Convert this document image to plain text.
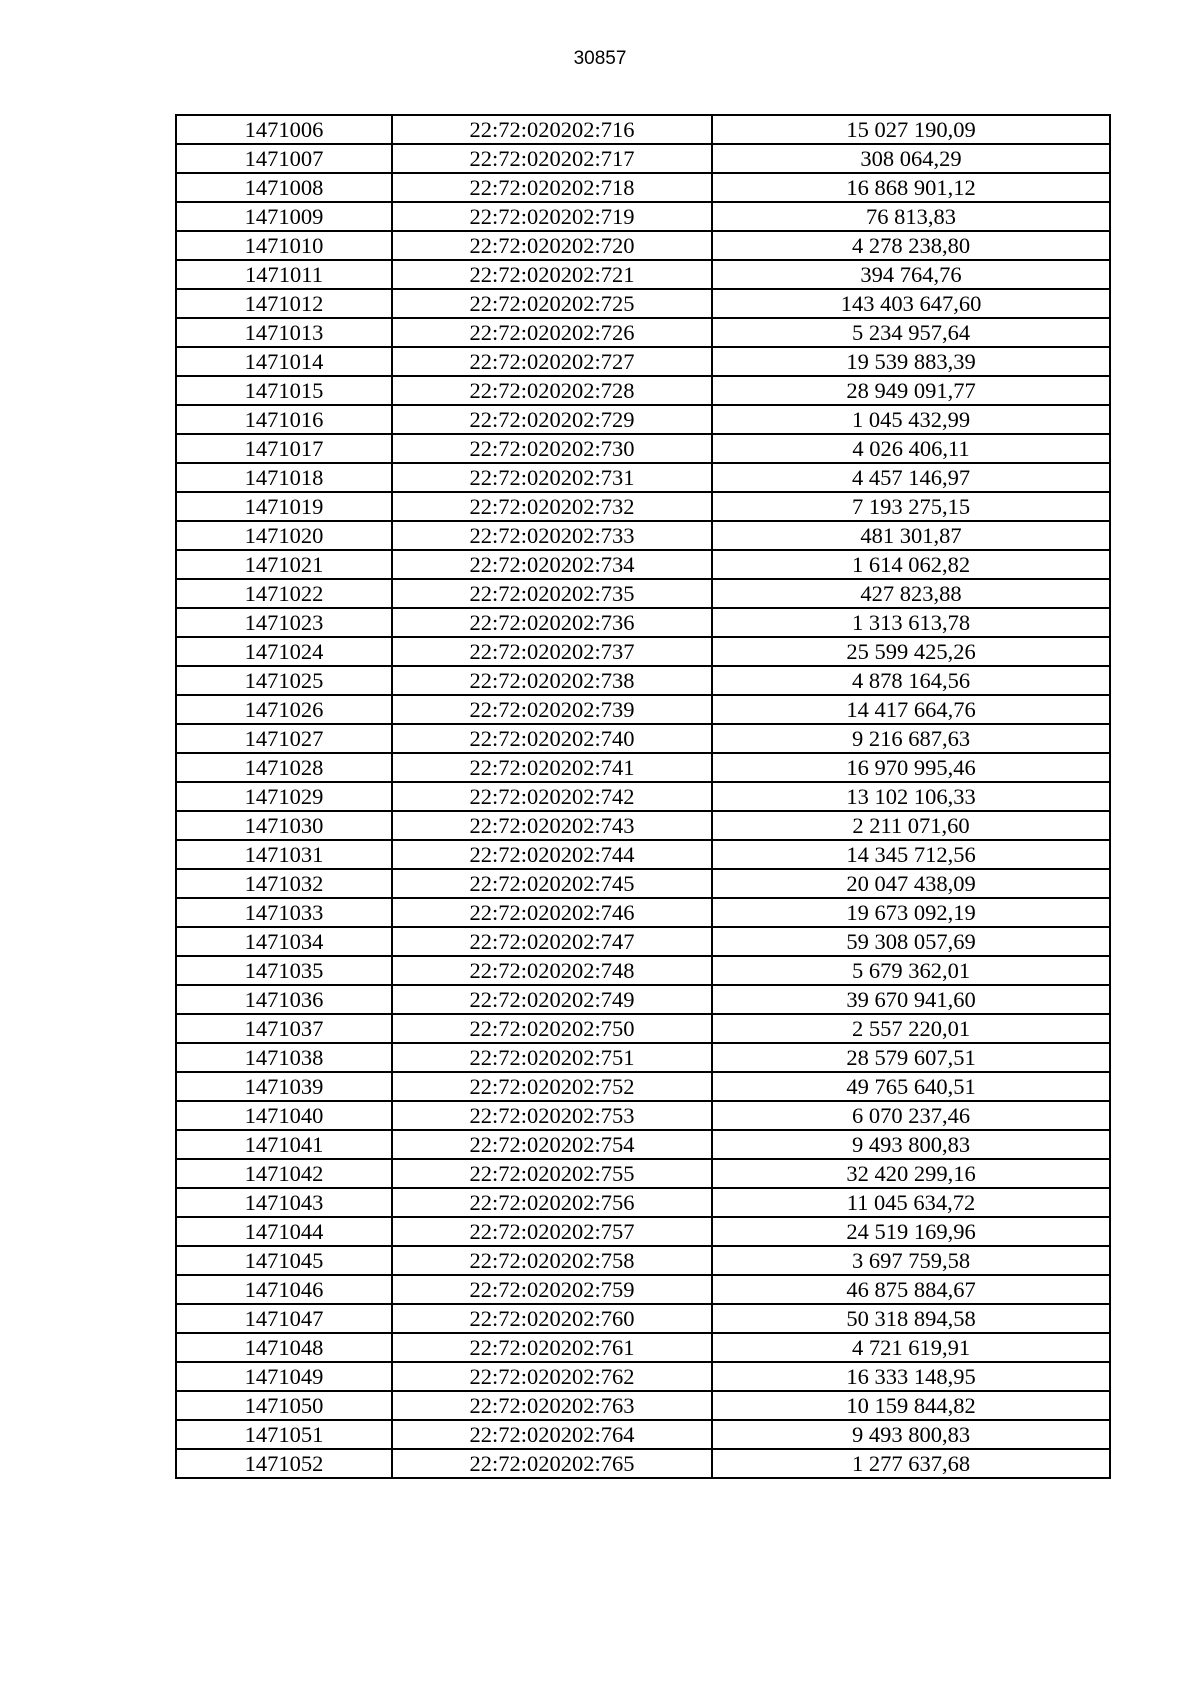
30857
1471006	22:72:020202:716	15 027 190,09
1471007	22:72:020202:717	308 064,29
1471008	22:72:020202:718	16 868 901,12
1471009	22:72:020202:719	76 813,83
1471010	22:72:020202:720	4 278 238,80
1471011	22:72:020202:721	394 764,76
1471012	22:72:020202:725	143 403 647,60
1471013	22:72:020202:726	5 234 957,64
1471014	22:72:020202:727	19 539 883,39
1471015	22:72:020202:728	28 949 091,77
1471016	22:72:020202:729	1 045 432,99
1471017	22:72:020202:730	4 026 406,11
1471018	22:72:020202:731	4 457 146,97
1471019	22:72:020202:732	7 193 275,15
1471020	22:72:020202:733	481 301,87
1471021	22:72:020202:734	1 614 062,82
1471022	22:72:020202:735	427 823,88
1471023	22:72:020202:736	1 313 613,78
1471024	22:72:020202:737	25 599 425,26
1471025	22:72:020202:738	4 878 164,56
1471026	22:72:020202:739	14 417 664,76
1471027	22:72:020202:740	9 216 687,63
1471028	22:72:020202:741	16 970 995,46
1471029	22:72:020202:742	13 102 106,33
1471030	22:72:020202:743	2 211 071,60
1471031	22:72:020202:744	14 345 712,56
1471032	22:72:020202:745	20 047 438,09
1471033	22:72:020202:746	19 673 092,19
1471034	22:72:020202:747	59 308 057,69
1471035	22:72:020202:748	5 679 362,01
1471036	22:72:020202:749	39 670 941,60
1471037	22:72:020202:750	2 557 220,01
1471038	22:72:020202:751	28 579 607,51
1471039	22:72:020202:752	49 765 640,51
1471040	22:72:020202:753	6 070 237,46
1471041	22:72:020202:754	9 493 800,83
1471042	22:72:020202:755	32 420 299,16
1471043	22:72:020202:756	11 045 634,72
1471044	22:72:020202:757	24 519 169,96
1471045	22:72:020202:758	3 697 759,58
1471046	22:72:020202:759	46 875 884,67
1471047	22:72:020202:760	50 318 894,58
1471048	22:72:020202:761	4 721 619,91
1471049	22:72:020202:762	16 333 148,95
1471050	22:72:020202:763	10 159 844,82
1471051	22:72:020202:764	9 493 800,83
1471052	22:72:020202:765	1 277 637,68
